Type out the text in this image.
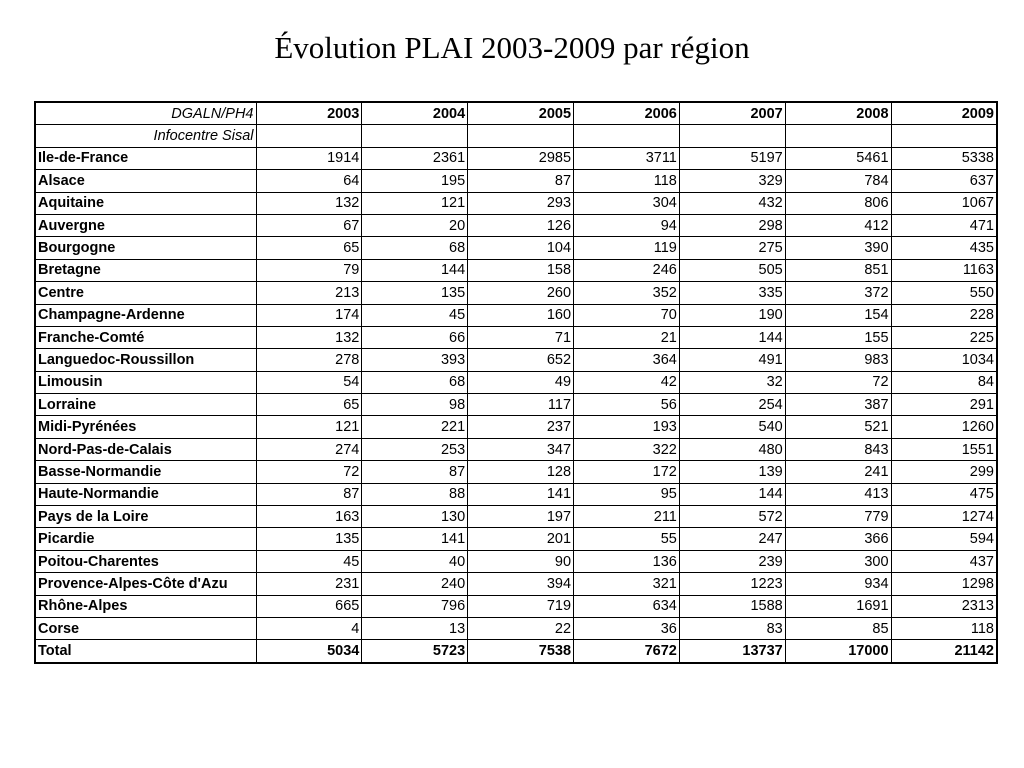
Évolution PLAI 2003-2009 par région
DGALN/PH4	2003	2004	2005	2006	2007	2008	2009
Infocentre Sisal							
Ile-de-France	1914	2361	2985	3711	5197	5461	5338
Alsace	64	195	87	118	329	784	637
Aquitaine	132	121	293	304	432	806	1067
Auvergne	67	20	126	94	298	412	471
Bourgogne	65	68	104	119	275	390	435
Bretagne	79	144	158	246	505	851	1163
Centre	213	135	260	352	335	372	550
Champagne-Ardenne	174	45	160	70	190	154	228
Franche-Comté	132	66	71	21	144	155	225
Languedoc-Roussillon	278	393	652	364	491	983	1034
Limousin	54	68	49	42	32	72	84
Lorraine	65	98	117	56	254	387	291
Midi-Pyrénées	121	221	237	193	540	521	1260
Nord-Pas-de-Calais	274	253	347	322	480	843	1551
Basse-Normandie	72	87	128	172	139	241	299
Haute-Normandie	87	88	141	95	144	413	475
Pays de la Loire	163	130	197	211	572	779	1274
Picardie	135	141	201	55	247	366	594
Poitou-Charentes	45	40	90	136	239	300	437
Provence-Alpes-Côte d'Azu	231	240	394	321	1223	934	1298
Rhône-Alpes	665	796	719	634	1588	1691	2313
Corse	4	13	22	36	83	85	118
Total	5034	5723	7538	7672	13737	17000	21142
